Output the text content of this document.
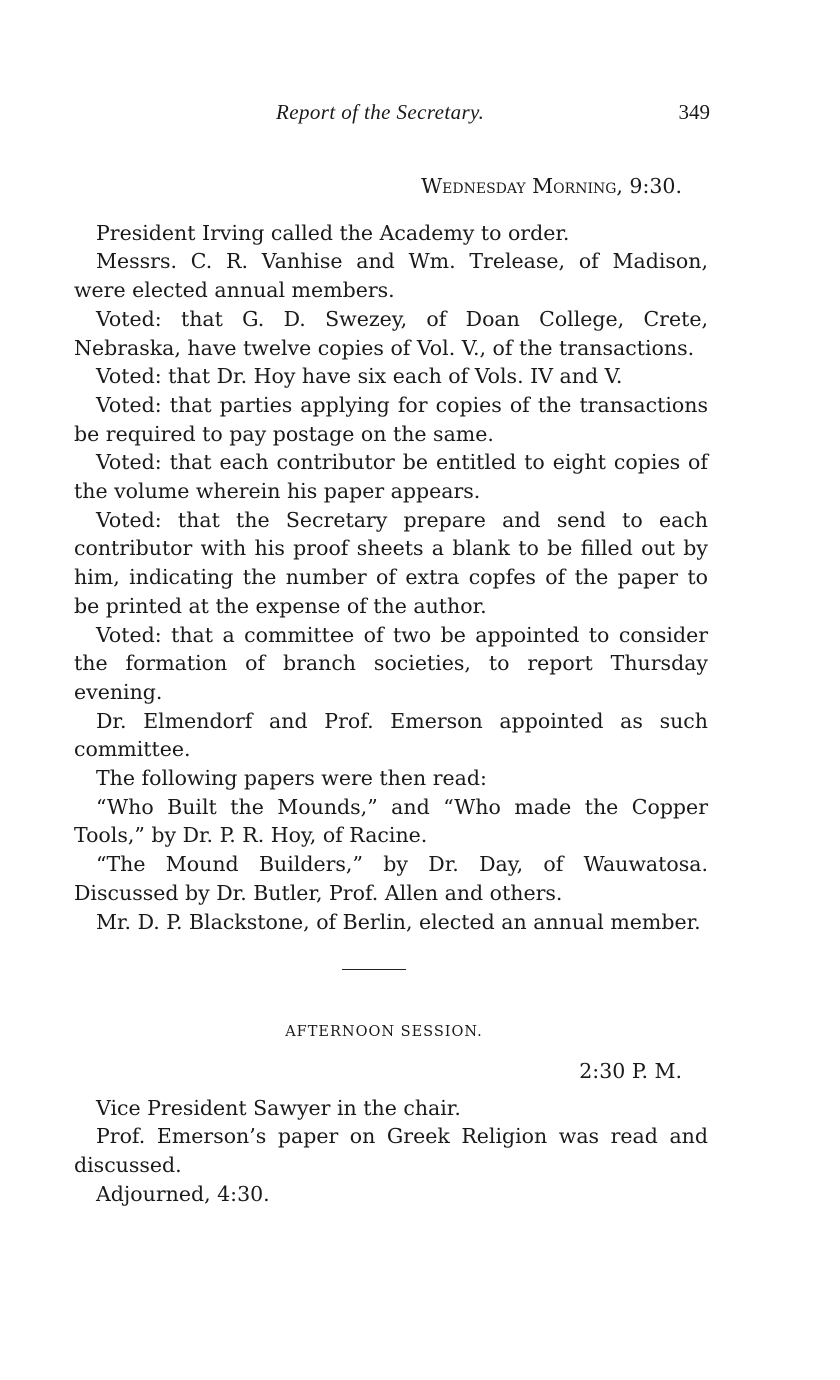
Report of the Secretary.	349
Wednesday Morning, 9:30.

President Irving called the Academy to order.

Messrs. C. R. Vanhise and Wm. Trelease, of Madison, were elected annual members.

Voted: that G. D. Swezey, of Doan College, Crete, Nebraska, have twelve copies of Vol. V., of the transactions.

Voted: that Dr. Hoy have six each of Vols. IV and V.

Voted: that parties applying for copies of the transactions be required to pay postage on the same.

Voted: that each contributor be entitled to eight copies of the volume wherein his paper appears.

Voted: that the Secretary prepare and send to each contributor with his proof sheets a blank to be filled out by him, indicating the number of extra copfes of the paper to be printed at the expense of the author.

Voted: that a committee of two be appointed to consider the formation of branch societies, to report Thursday evening.

Dr. Elmendorf and Prof. Emerson appointed as such committee.

The following papers were then read:

“Who Built the Mounds,” and “Who made the Copper Tools,” by Dr. P. R. Hoy, of Racine.

“The Mound Builders,” by Dr. Day, of Wauwatosa. Discussed by Dr. Butler, Prof. Allen and others.

Mr. D. P. Blackstone, of Berlin, elected an annual member.

AFTERNOON SESSION.
2:30 P. M.

Vice President Sawyer in the chair.

Prof. Emerson’s paper on Greek Religion was read and discussed.

Adjourned, 4:30.
